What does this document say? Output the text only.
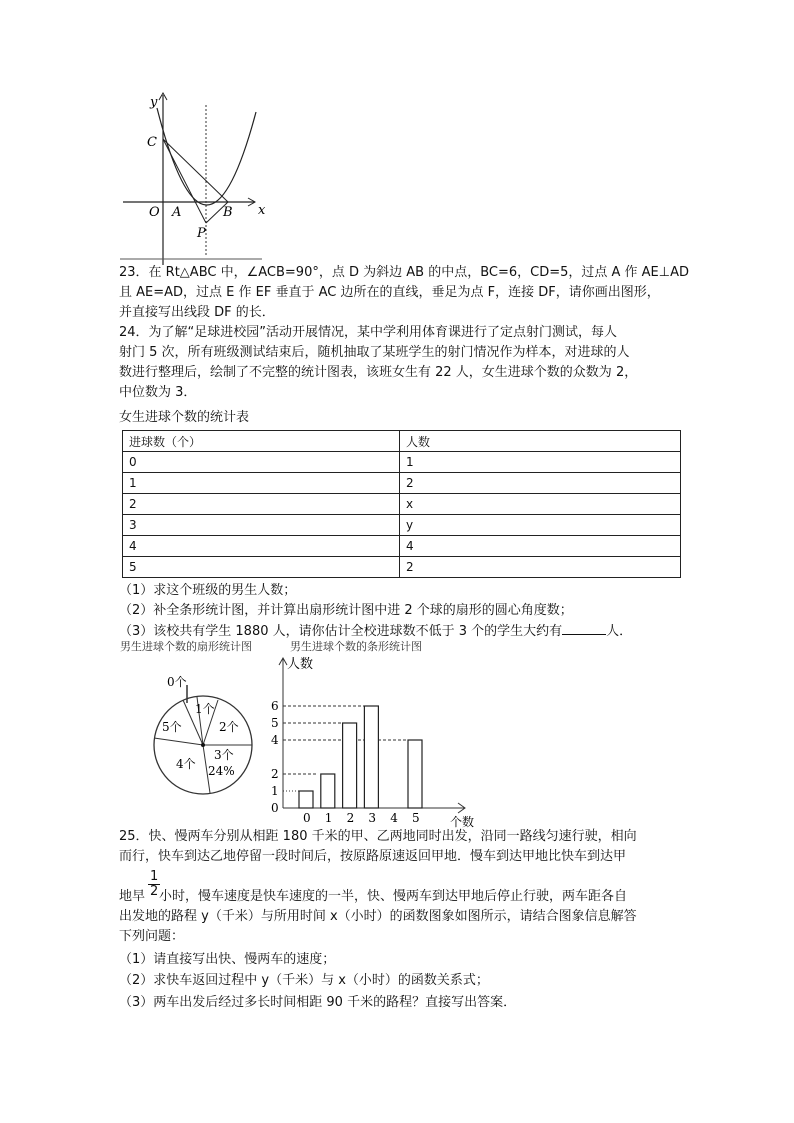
y
x
C
O A	B
P
23．在 Rt△ABC 中，∠ACB=90°，点 D 为斜边 AB 的中点，BC=6，CD=5，过点 A 作 AE⊥AD
且 AE=AD，过点 E 作 EF 垂直于 AC 边所在的直线，垂足为点 F，连接 DF，请你画出图形，
并直接写出线段 DF 的长．
24．为了解“足球进校园”活动开展情况，某中学利用体育课进行了定点射门测试，每人
射门 5 次，所有班级测试结束后，随机抽取了某班学生的射门情况作为样本，对进球的人
数进行整理后，绘制了不完整的统计图表，该班女生有 22 人，女生进球个数的众数为 2，
中位数为 3．
女生进球个数的统计表
进球数（个）	人数
0	1
1	2
2	x
3	y
4	4
5	2
（1）求这个班级的男生人数；
（2）补全条形统计图，并计算出扇形统计图中进 2 个球的扇形的圆心角度数；
（3）该校共有学生 1880 人，请你估计全校进球数不低于 3 个的学生大约有	人．
男生进球个数的扇形统计图
0个
1个
2个
3个
24%
4个
5个
男生进球个数的条形统计图
人数
个数
0
1
2
4
5
6
0 1 2 3 4 5
25．快、慢两车分别从相距 180 千米的甲、乙两地同时出发，沿同一路线匀速行驶，相向
而行，快车到达乙地停留一段时间后，按原路原速返回甲地．慢车到达甲地比快车到达甲
$\frac{1}{2}$
地早 小时，慢车速度是快车速度的一半，快、慢两车到达甲地后停止行驶，两车距各自
出发地的路程 y（千米）与所用时间 x（小时）的函数图象如图所示，请结合图象信息解答
下列问题：
（1）请直接写出快、慢两车的速度；
（2）求快车返回过程中 y（千米）与 x（小时）的函数关系式；
（3）两车出发后经过多长时间相距 90 千米的路程？直接写出答案．
